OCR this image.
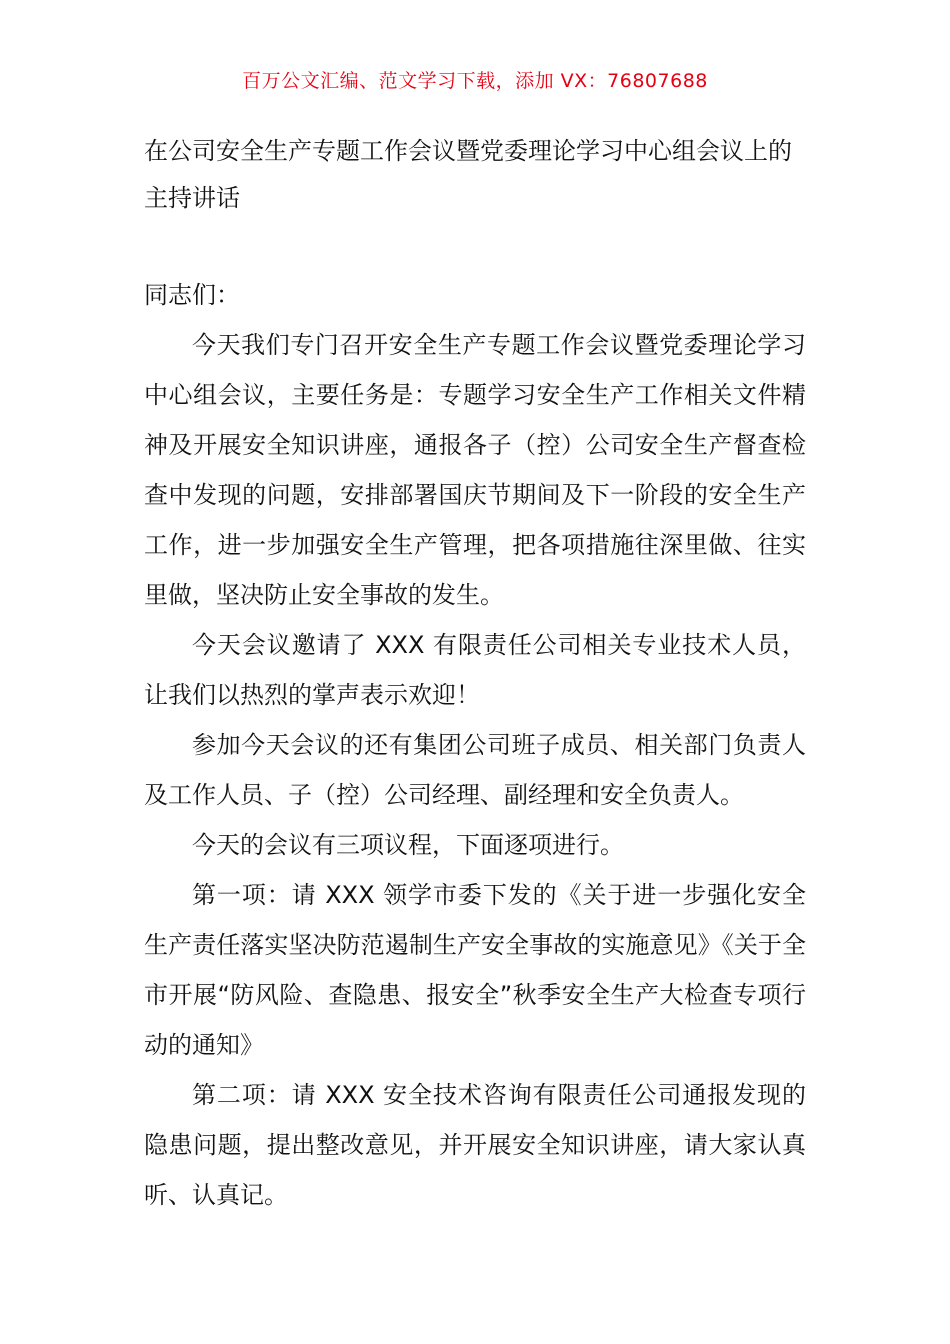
百万公文汇编、范文学习下载，添加 VX：76807688
在公司安全生产专题工作会议暨党委理论学习中心组会议上的主持讲话

同志们：

今天我们专门召开安全生产专题工作会议暨党委理论学习中心组会议，主要任务是：专题学习安全生产工作相关文件精神及开展安全知识讲座，通报各子（控）公司安全生产督查检查中发现的问题，安排部署国庆节期间及下一阶段的安全生产工作，进一步加强安全生产管理，把各项措施往深里做、往实里做，坚决防止安全事故的发生。

今天会议邀请了 XXX 有限责任公司相关专业技术人员，让我们以热烈的掌声表示欢迎！

参加今天会议的还有集团公司班子成员、相关部门负责人及工作人员、子（控）公司经理、副经理和安全负责人。

今天的会议有三项议程，下面逐项进行。

第一项：请 XXX 领学市委下发的《关于进一步强化安全生产责任落实坚决防范遏制生产安全事故的实施意见》《关于全市开展“防风险、查隐患、报安全”秋季安全生产大检查专项行动的通知》

第二项：请 XXX 安全技术咨询有限责任公司通报发现的隐患问题，提出整改意见，并开展安全知识讲座，请大家认真听、认真记。
